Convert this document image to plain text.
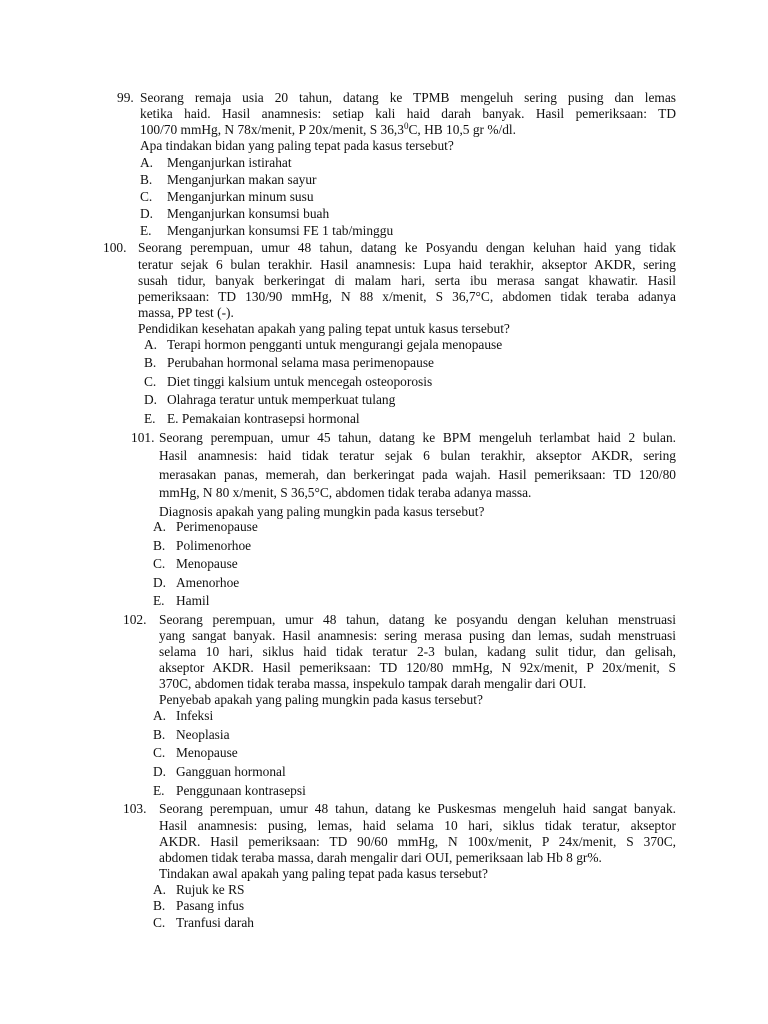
99. Seorang remaja usia 20 tahun, datang ke TPMB mengeluh sering pusing dan lemas
ketika haid. Hasil anamnesis: setiap kali haid darah banyak. Hasil pemeriksaan: TD
100/70 mmHg, N 78x/menit, P 20x/menit, S 36,3$^0$C, HB 10,5 gr %/dl.
Apa tindakan bidan yang paling tepat pada kasus tersebut?
A. Menganjurkan istirahat
B. Menganjurkan makan sayur
C. Menganjurkan minum susu
D. Menganjurkan konsumsi buah
E. Menganjurkan konsumsi FE 1 tab/minggu
100. Seorang perempuan, umur 48 tahun, datang ke Posyandu dengan keluhan haid yang tidak
teratur sejak 6 bulan terakhir. Hasil anamnesis: Lupa haid terakhir, akseptor AKDR, sering
susah tidur, banyak berkeringat di malam hari, serta ibu merasa sangat khawatir. Hasil
pemeriksaan: TD 130/90 mmHg, N 88 x/menit, S 36,7°C, abdomen tidak teraba adanya
massa, PP test (-).
Pendidikan kesehatan apakah yang paling tepat untuk kasus tersebut?
A. Terapi hormon pengganti untuk mengurangi gejala menopause
B. Perubahan hormonal selama masa perimenopause
C. Diet tinggi kalsium untuk mencegah osteoporosis
D. Olahraga teratur untuk memperkuat tulang
E. E. Pemakaian kontrasepsi hormonal
101. Seorang perempuan, umur 45 tahun, datang ke BPM mengeluh terlambat haid 2 bulan.
Hasil anamnesis: haid tidak teratur sejak 6 bulan terakhir, akseptor AKDR, sering
merasakan panas, memerah, dan berkeringat pada wajah. Hasil pemeriksaan: TD 120/80
mmHg, N 80 x/menit, S 36,5°C, abdomen tidak teraba adanya massa.
Diagnosis apakah yang paling mungkin pada kasus tersebut?
A. Perimenopause
B. Polimenorhoe
C. Menopause
D. Amenorhoe
E. Hamil
102. Seorang perempuan, umur 48 tahun, datang ke posyandu dengan keluhan menstruasi
yang sangat banyak. Hasil anamnesis: sering merasa pusing dan lemas, sudah menstruasi
selama 10 hari, siklus haid tidak teratur 2-3 bulan, kadang sulit tidur, dan gelisah,
akseptor AKDR. Hasil pemeriksaan: TD 120/80 mmHg, N 92x/menit, P 20x/menit, S
370C, abdomen tidak teraba massa, inspekulo tampak darah mengalir dari OUI.
Penyebab apakah yang paling mungkin pada kasus tersebut?
A. Infeksi
B. Neoplasia
C. Menopause
D. Gangguan hormonal
E. Penggunaan kontrasepsi
103. Seorang perempuan, umur 48 tahun, datang ke Puskesmas mengeluh haid sangat banyak.
Hasil anamnesis: pusing, lemas, haid selama 10 hari, siklus tidak teratur, akseptor
AKDR. Hasil pemeriksaan: TD 90/60 mmHg, N 100x/menit, P 24x/menit, S 370C,
abdomen tidak teraba massa, darah mengalir dari OUI, pemeriksaan lab Hb 8 gr%.
Tindakan awal apakah yang paling tepat pada kasus tersebut?
A. Rujuk ke RS
B. Pasang infus
C. Tranfusi darah
